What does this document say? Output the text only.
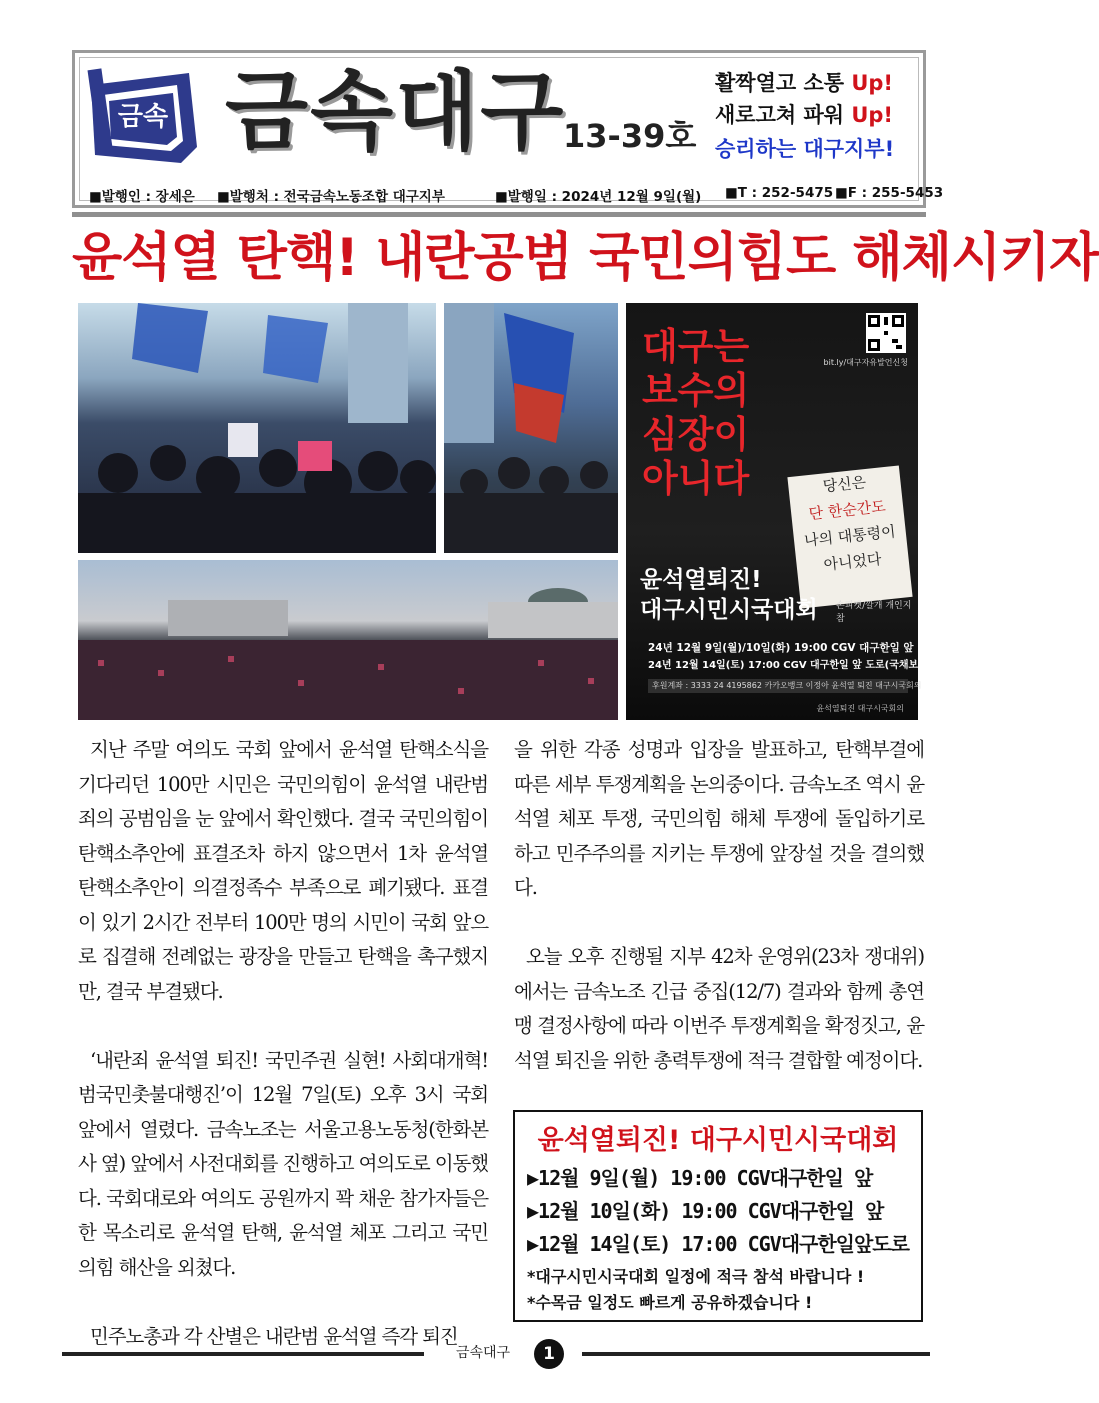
금속 금속대구
13-39호
활짝열고 소통 Up!
새로고쳐 파워 Up!
승리하는 대구지부!
■발행인 : 장세은 ■발행처 : 전국금속노동조합 대구지부	■발행일 : 2024년 12월 9일(월) ■T : 252-5475 ■F : 255-5453
윤석열 탄핵! 내란공범 국민의힘도 해체시키자
대구는
보수의
심장이
아니다
bit.ly/대구자유발언신청
당신은
단 한순간도
나의 대통령이
아니었다
윤석열퇴진!
대구시민시국대회 손피켓/깔개 개인지참
24년 12월 9일(월)/10일(화) 19:00 CGV 대구한일 앞
24년 12월 14일(토) 17:00 CGV 대구한일 앞 도로(국채보상로)
후원계좌 : 3333 24 4195862 카카오뱅크 이정아 윤석열 퇴진 대구시국회의
윤석열퇴진 대구시국회의

지난 주말 여의도 국회 앞에서 윤석열 탄핵소식을 기다리던 100만 시민은 국민의힘이 윤석열 내란범죄의 공범임을 눈 앞에서 확인했다. 결국 국민의힘이 탄핵소추안에 표결조차 하지 않으면서 1차 윤석열 탄핵소추안이 의결정족수 부족으로 폐기됐다. 표결이 있기 2시간 전부터 100만 명의 시민이 국회 앞으로 집결해 전례없는 광장을 만들고 탄핵을 촉구했지만, 결국 부결됐다.

‘내란죄 윤석열 퇴진! 국민주권 실현! 사회대개혁! 범국민촛불대행진’이 12월 7일(토) 오후 3시 국회 앞에서 열렸다. 금속노조는 서울고용노동청(한화본사 옆) 앞에서 사전대회를 진행하고 여의도로 이동했다. 국회대로와 여의도 공원까지 꽉 채운 참가자들은 한 목소리로 윤석열 탄핵, 윤석열 체포 그리고 국민의힘 해산을 외쳤다.

민주노총과 각 산별은 내란범 윤석열 즉각 퇴진

을 위한 각종 성명과 입장을 발표하고, 탄핵부결에 따른 세부 투쟁계획을 논의중이다. 금속노조 역시 윤석열 체포 투쟁, 국민의힘 해체 투쟁에 돌입하기로 하고 민주주의를 지키는 투쟁에 앞장설 것을 결의했다.

오늘 오후 진행될 지부 42차 운영위(23차 쟁대위)에서는 금속노조 긴급 중집(12/7) 결과와 함께 총연맹 결정사항에 따라 이번주 투쟁계획을 확정짓고, 윤석열 퇴진을 위한 총력투쟁에 적극 결합할 예정이다.

윤석열퇴진! 대구시민시국대회
▶12월 9일(월) 19:00 CGV대구한일 앞
▶12월 10일(화) 19:00 CGV대구한일 앞
▶12월 14일(토) 17:00 CGV대구한일앞도로
*대구시민시국대회 일정에 적극 참석 바랍니다 !
*수목금 일정도 빠르게 공유하겠습니다 !
금속대구	1
